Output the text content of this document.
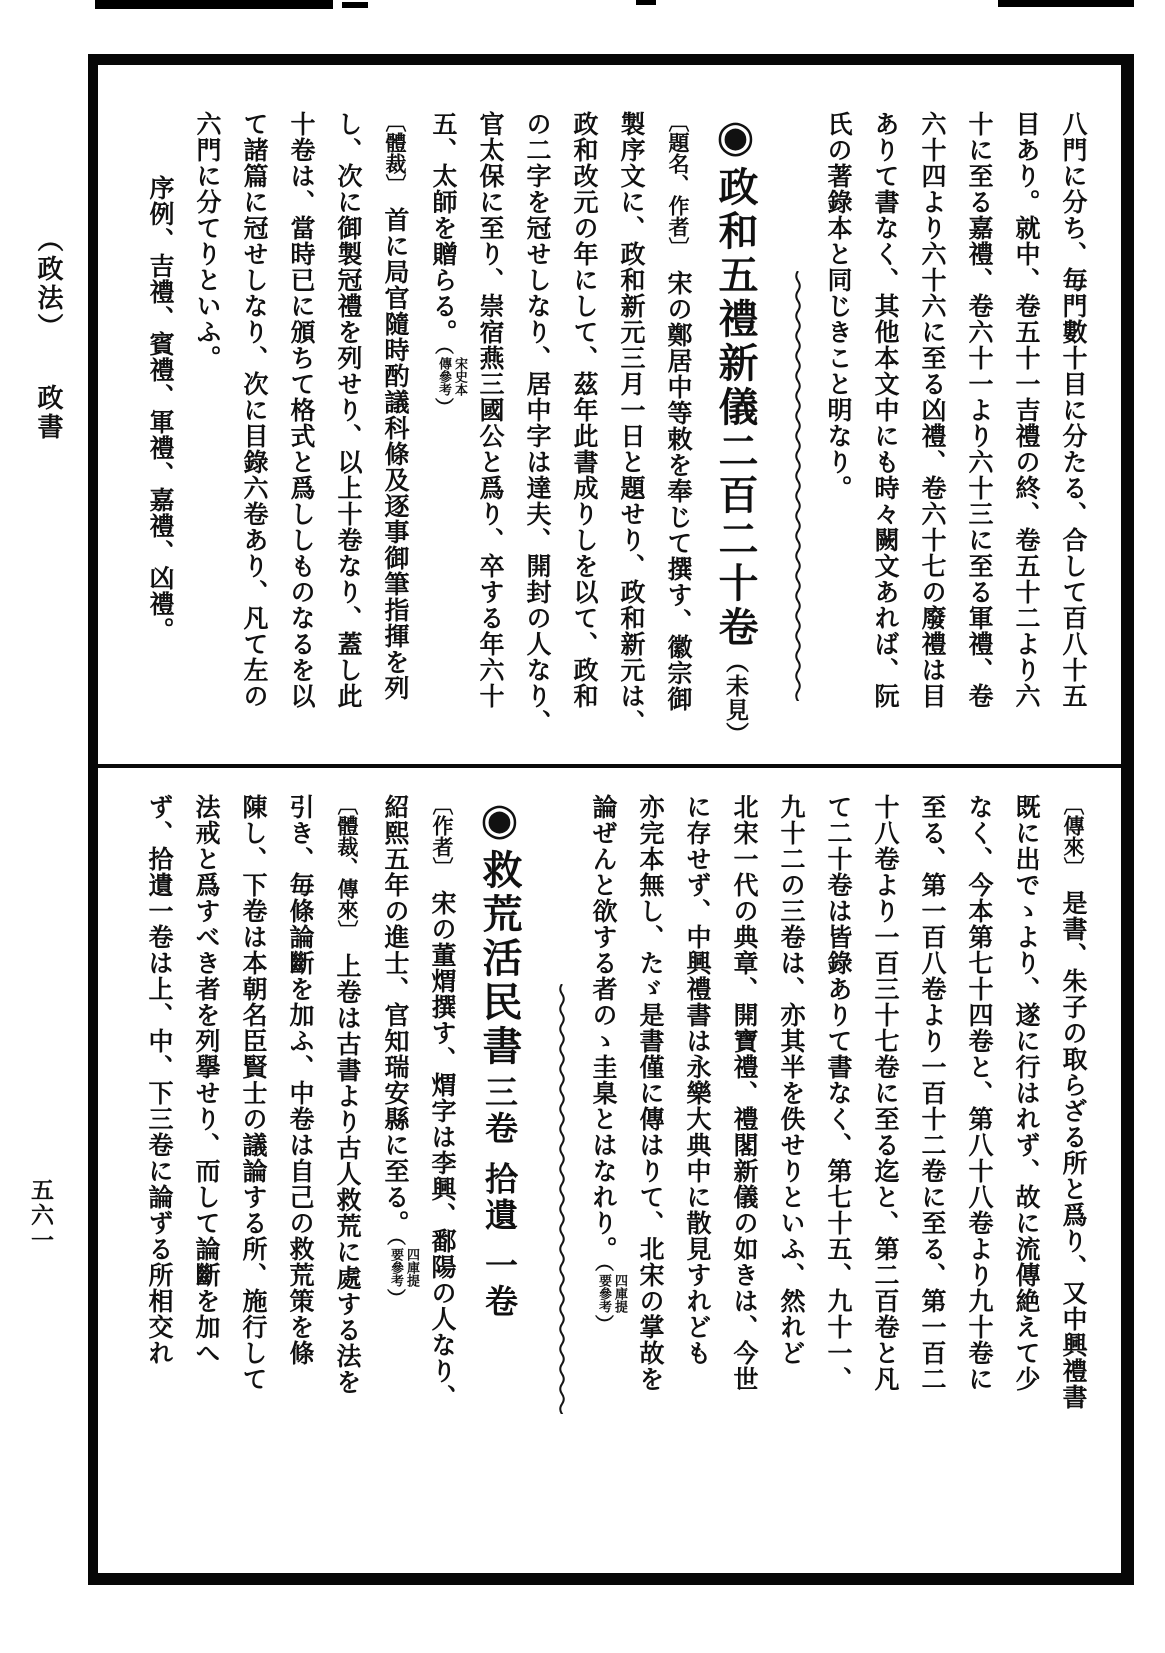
（政法） 政書
五六一
八門に分ち、毎門數十目に分たる、合して百八十五
目あり。就中、卷五十一吉禮の終、卷五十二より六
十に至る嘉禮、卷六十一より六十三に至る軍禮、卷
六十四より六十六に至る凶禮、卷六十七の廢禮は目
ありて書なく、其他本文中にも時々闕文あれば、阮
氏の著錄本と同じきこと明なり。
◉政和五禮新儀二百二十卷（未見）
〔題名、作者〕宋の鄭居中等敕を奉じて撰す、徽宗御
製序文に、政和新元三月一日と題せり、政和新元は、
政和改元の年にして、茲年此書成りしを以て、政和
の二字を冠せしなり、居中字は達夫、開封の人なり、
官太保に至り、崇宿燕三國公と爲り、卒する年六十
五、太師を贈らる。（
宋史本
傳參考
）
〔體裁〕首に局官隨時酌議科條及逐事御筆指揮を列
し、次に御製冠禮を列せり、以上十卷なり、蓋し此
十卷は、當時已に頒ちて格式と爲ししものなるを以
て諸篇に冠せしなり、次に目錄六卷あり、凡て左の
六門に分てりといふ。
序例、吉禮、賓禮、軍禮、嘉禮、凶禮。
〔傳來〕是書、朱子の取らざる所と爲り、又中興禮書
既に出でゝより、遂に行はれず、故に流傳絶えて少
なく、今本第七十四卷と、第八十八卷より九十卷に
至る、第一百八卷より一百十二卷に至る、第一百二
十八卷より一百三十七卷に至る迄と、第二百卷と凡
て二十卷は皆錄ありて書なく、第七十五、九十一、
九十二の三卷は、亦其半を佚せりといふ、然れど
北宋一代の典章、開寶禮、禮閣新儀の如きは、今世
に存せず、中興禮書は永樂大典中に散見すれども
亦完本無し、たゞ是書僅に傳はりて、北宋の掌故を
論ぜんと欲する者のゝ圭臬とはなれり。（
四庫提
要參考
）
◉救荒活民書三卷 拾遺 一卷
〔作者〕宋の董煟撰す、煟字は李興、鄱陽の人なり、
紹熙五年の進士、官知瑞安縣に至る。（
四庫提
要參考
）
〔體裁、傳來〕上卷は古書より古人救荒に處する法を
引き、毎條論斷を加ふ、中卷は自己の救荒策を條
陳し、下卷は本朝名臣賢士の議論する所、施行して
法戒と爲すべき者を列擧せり、而して論斷を加へ
ず、拾遺一卷は上、中、下三卷に論ずる所相交れ
